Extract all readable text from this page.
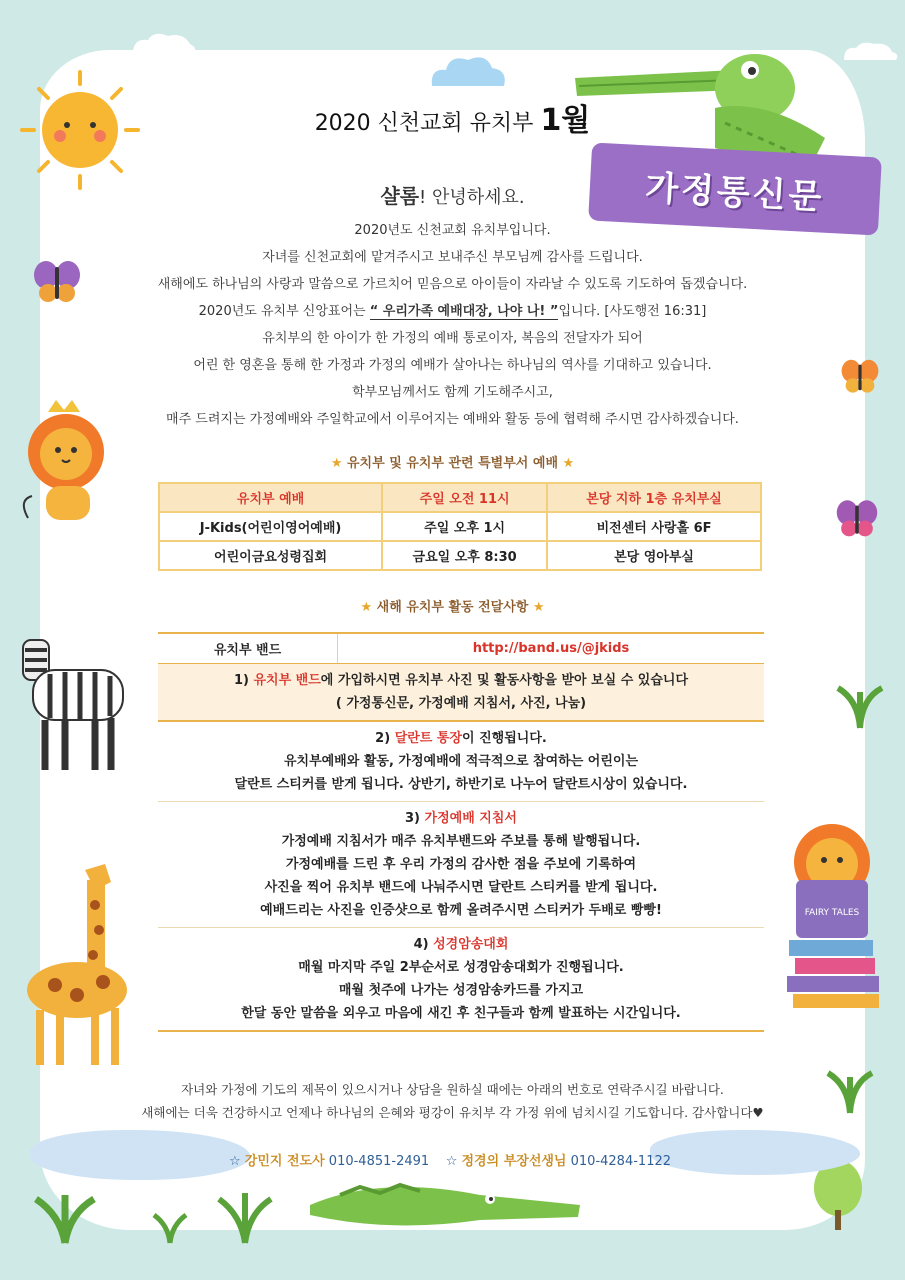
가정통신문
FAIRY TALES
2020 신천교회 유치부 1월

샬롬! 안녕하세요.

2020년도 신천교회 유치부입니다.

자녀를 신천교회에 맡겨주시고 보내주신 부모님께 감사를 드립니다.

새해에도 하나님의 사랑과 말씀으로 가르치어 믿음으로 아이들이 자라날 수 있도록 기도하여 돕겠습니다.

2020년도 유치부 신앙표어는 “ 우리가족 예배대장, 나야 나! ”입니다. [사도행전 16:31]

유치부의 한 아이가 한 가정의 예배 통로이자, 복음의 전달자가 되어

어린 한 영혼을 통해 한 가정과 가정의 예배가 살아나는 하나님의 역사를 기대하고 있습니다.

학부모님께서도 함께 기도해주시고,

매주 드려지는 가정예배와 주일학교에서 이루어지는 예배와 활동 등에 협력해 주시면 감사하겠습니다.

★ 유치부 및 유치부 관련 특별부서 예배 ★
유치부 예배	주일 오전 11시	본당 지하 1층 유치부실
J-Kids(어린이영어예배)	주일 오후 1시	비전센터 사랑홀 6F
어린이금요성령집회	금요일 오후 8:30	본당 영아부실
★ 새해 유치부 활동 전달사항 ★
유치부 밴드	http://band.us/@jkids
1) 유치부 밴드에 가입하시면 유치부 사진 및 활동사항을 받아 보실 수 있습니다
( 가정통신문, 가정예배 지침서, 사진, 나눔)
2) 달란트 통장이 진행됩니다.
유치부예배와 활동, 가정예배에 적극적으로 참여하는 어린이는
달란트 스티커를 받게 됩니다. 상반기, 하반기로 나누어 달란트시상이 있습니다.
3) 가정예배 지침서
가정예배 지침서가 매주 유치부밴드와 주보를 통해 발행됩니다.
가정예배를 드린 후 우리 가정의 감사한 점을 주보에 기록하여
사진을 찍어 유치부 밴드에 나눠주시면 달란트 스티커를 받게 됩니다.
예배드리는 사진을 인증샷으로 함께 올려주시면 스티커가 두배로 빵빵!
4) 성경암송대회
매월 마지막 주일 2부순서로 성경암송대회가 진행됩니다.
매월 첫주에 나가는 성경암송카드를 가지고
한달 동안 말씀을 외우고 마음에 새긴 후 친구들과 함께 발표하는 시간입니다.

자녀와 가정에 기도의 제목이 있으시거나 상담을 원하실 때에는 아래의 번호로 연락주시길 바랍니다.

새해에는 더욱 건강하시고 언제나 하나님의 은혜와 평강이 유치부 각 가정 위에 넘치시길 기도합니다. 감사합니다♥

☆ 강민지 전도사 010-4851-2491 ☆ 정경의 부장선생님 010-4284-1122
